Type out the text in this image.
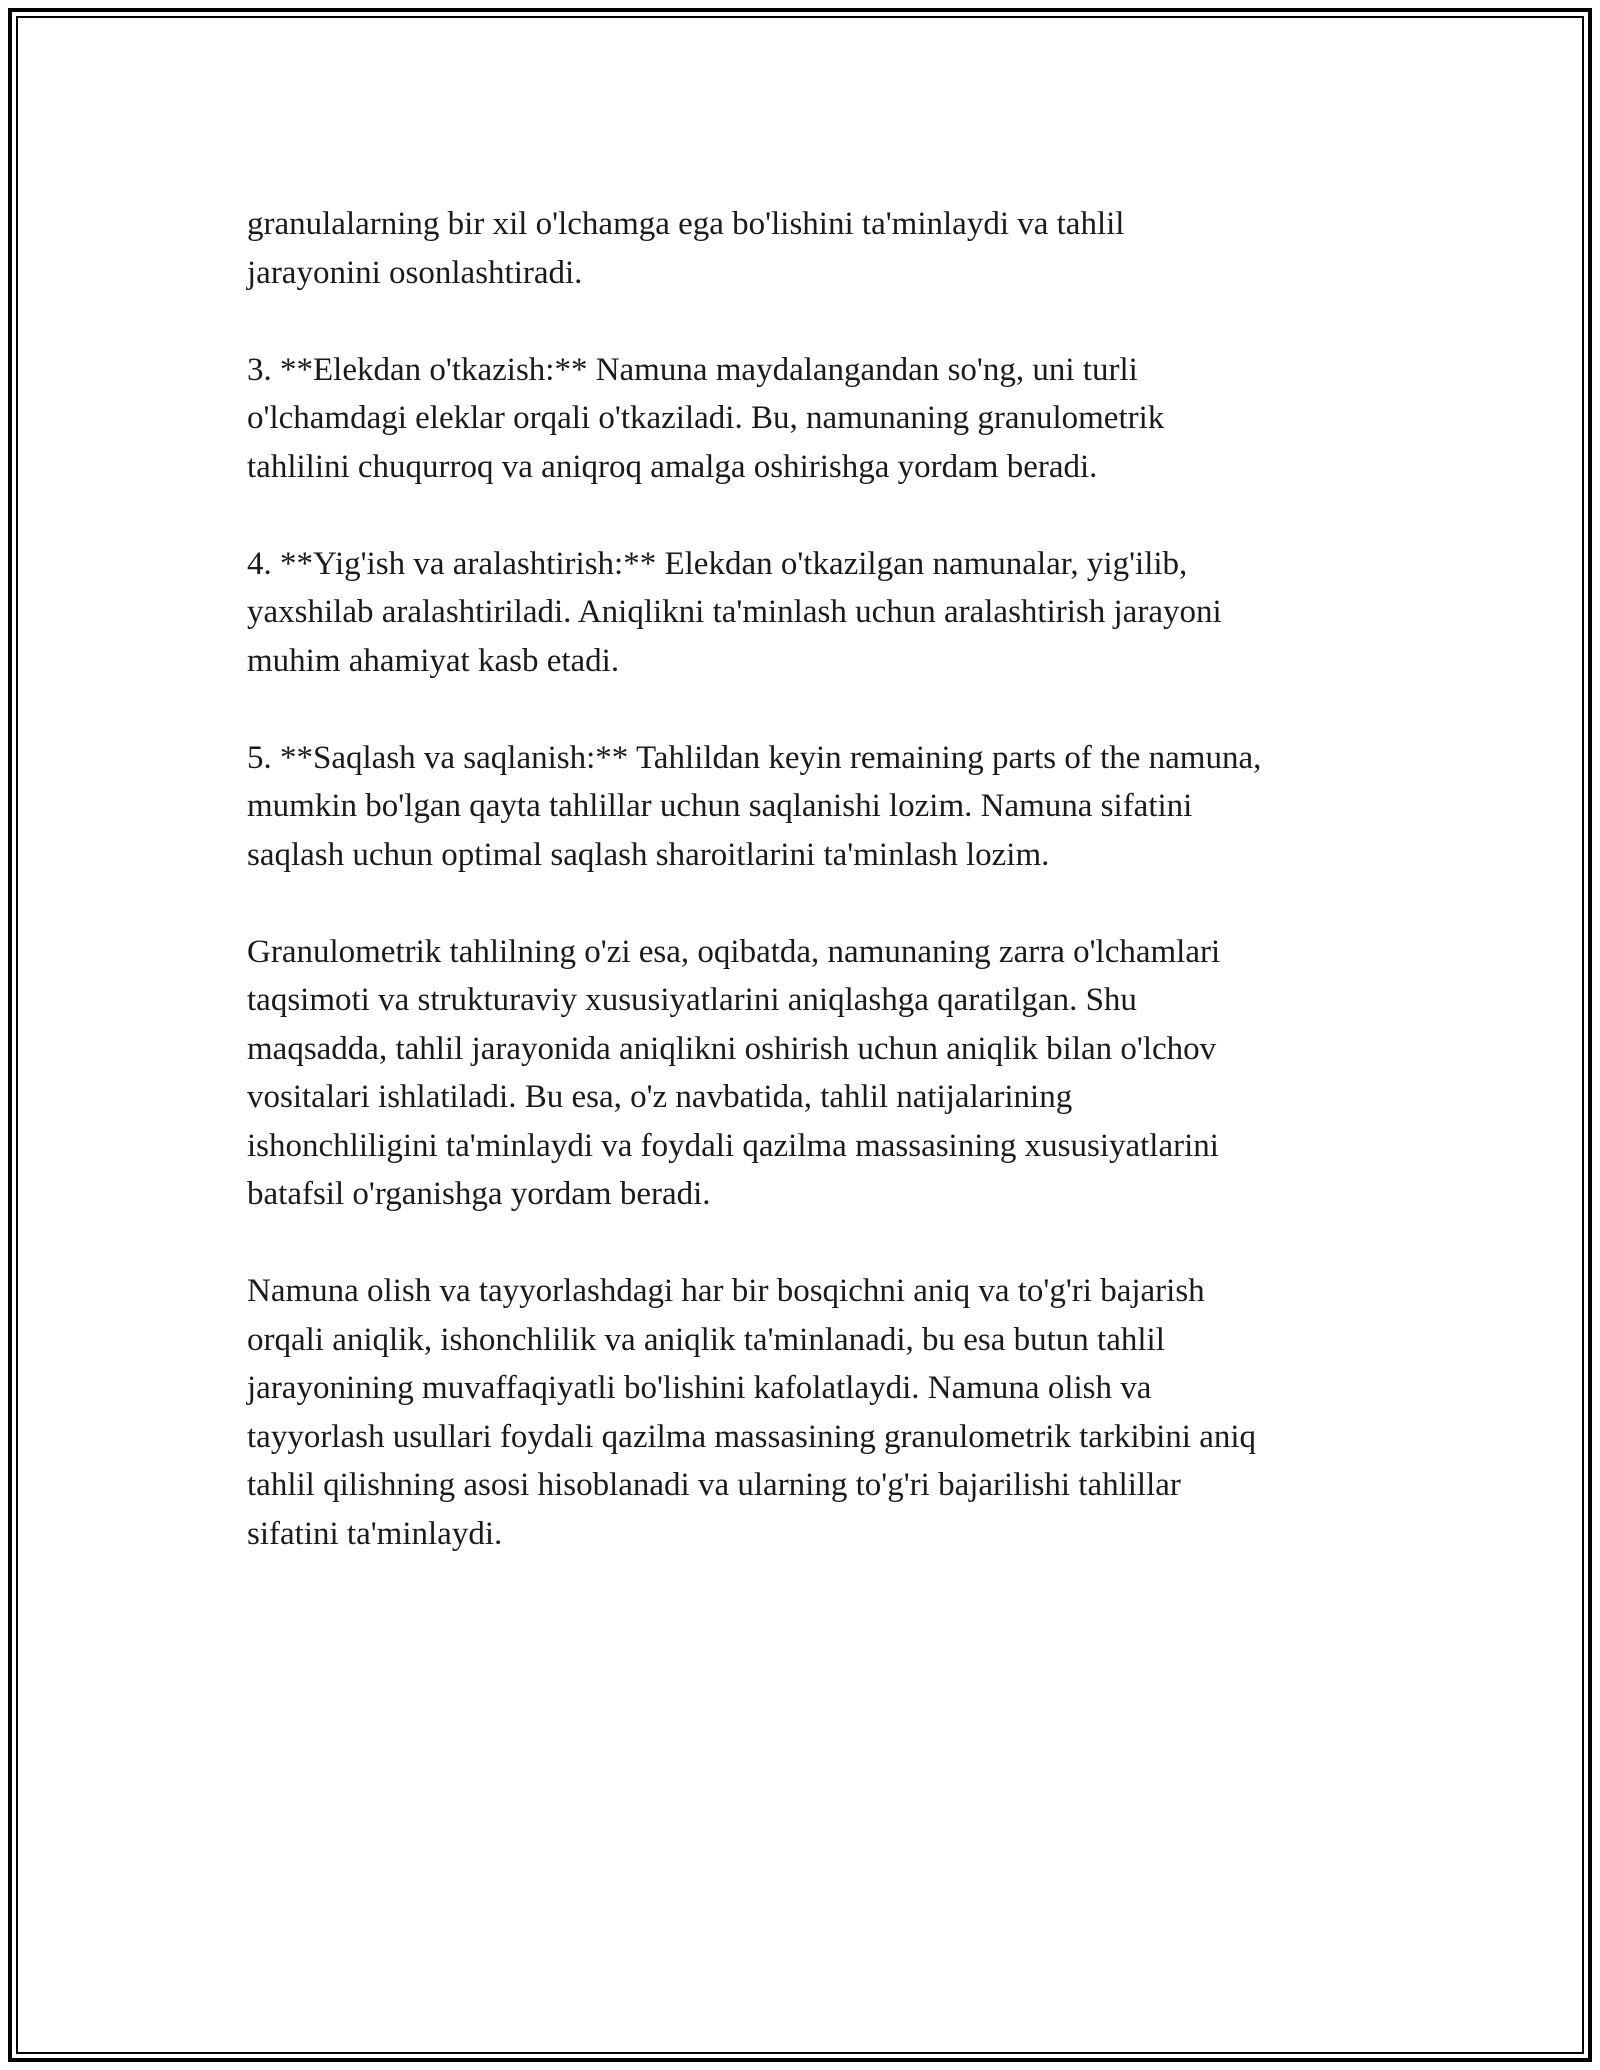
granulalarning bir xil o'lchamga ega bo'lishini ta'minlaydi va tahlil
jarayonini osonlashtiradi.

3. **Elekdan o'tkazish:** Namuna maydalangandan so'ng, uni turli
o'lchamdagi eleklar orqali o'tkaziladi. Bu, namunaning granulometrik
tahlilini chuqurroq va aniqroq amalga oshirishga yordam beradi.

4. **Yig'ish va aralashtirish:** Elekdan o'tkazilgan namunalar, yig'ilib,
yaxshilab aralashtiriladi. Aniqlikni ta'minlash uchun aralashtirish jarayoni
muhim ahamiyat kasb etadi.

5. **Saqlash va saqlanish:** Tahlildan keyin remaining parts of the namuna,
mumkin bo'lgan qayta tahlillar uchun saqlanishi lozim. Namuna sifatini
saqlash uchun optimal saqlash sharoitlarini ta'minlash lozim.

Granulometrik tahlilning o'zi esa, oqibatda, namunaning zarra o'lchamlari
taqsimoti va strukturaviy xususiyatlarini aniqlashga qaratilgan. Shu
maqsadda, tahlil jarayonida aniqlikni oshirish uchun aniqlik bilan o'lchov
vositalari ishlatiladi. Bu esa, o'z navbatida, tahlil natijalarining
ishonchliligini ta'minlaydi va foydali qazilma massasining xususiyatlarini
batafsil o'rganishga yordam beradi.

Namuna olish va tayyorlashdagi har bir bosqichni aniq va to'g'ri bajarish
orqali aniqlik, ishonchlilik va aniqlik ta'minlanadi, bu esa butun tahlil
jarayonining muvaffaqiyatli bo'lishini kafolatlaydi. Namuna olish va
tayyorlash usullari foydali qazilma massasining granulometrik tarkibini aniq
tahlil qilishning asosi hisoblanadi va ularning to'g'ri bajarilishi tahlillar
sifatini ta'minlaydi.
